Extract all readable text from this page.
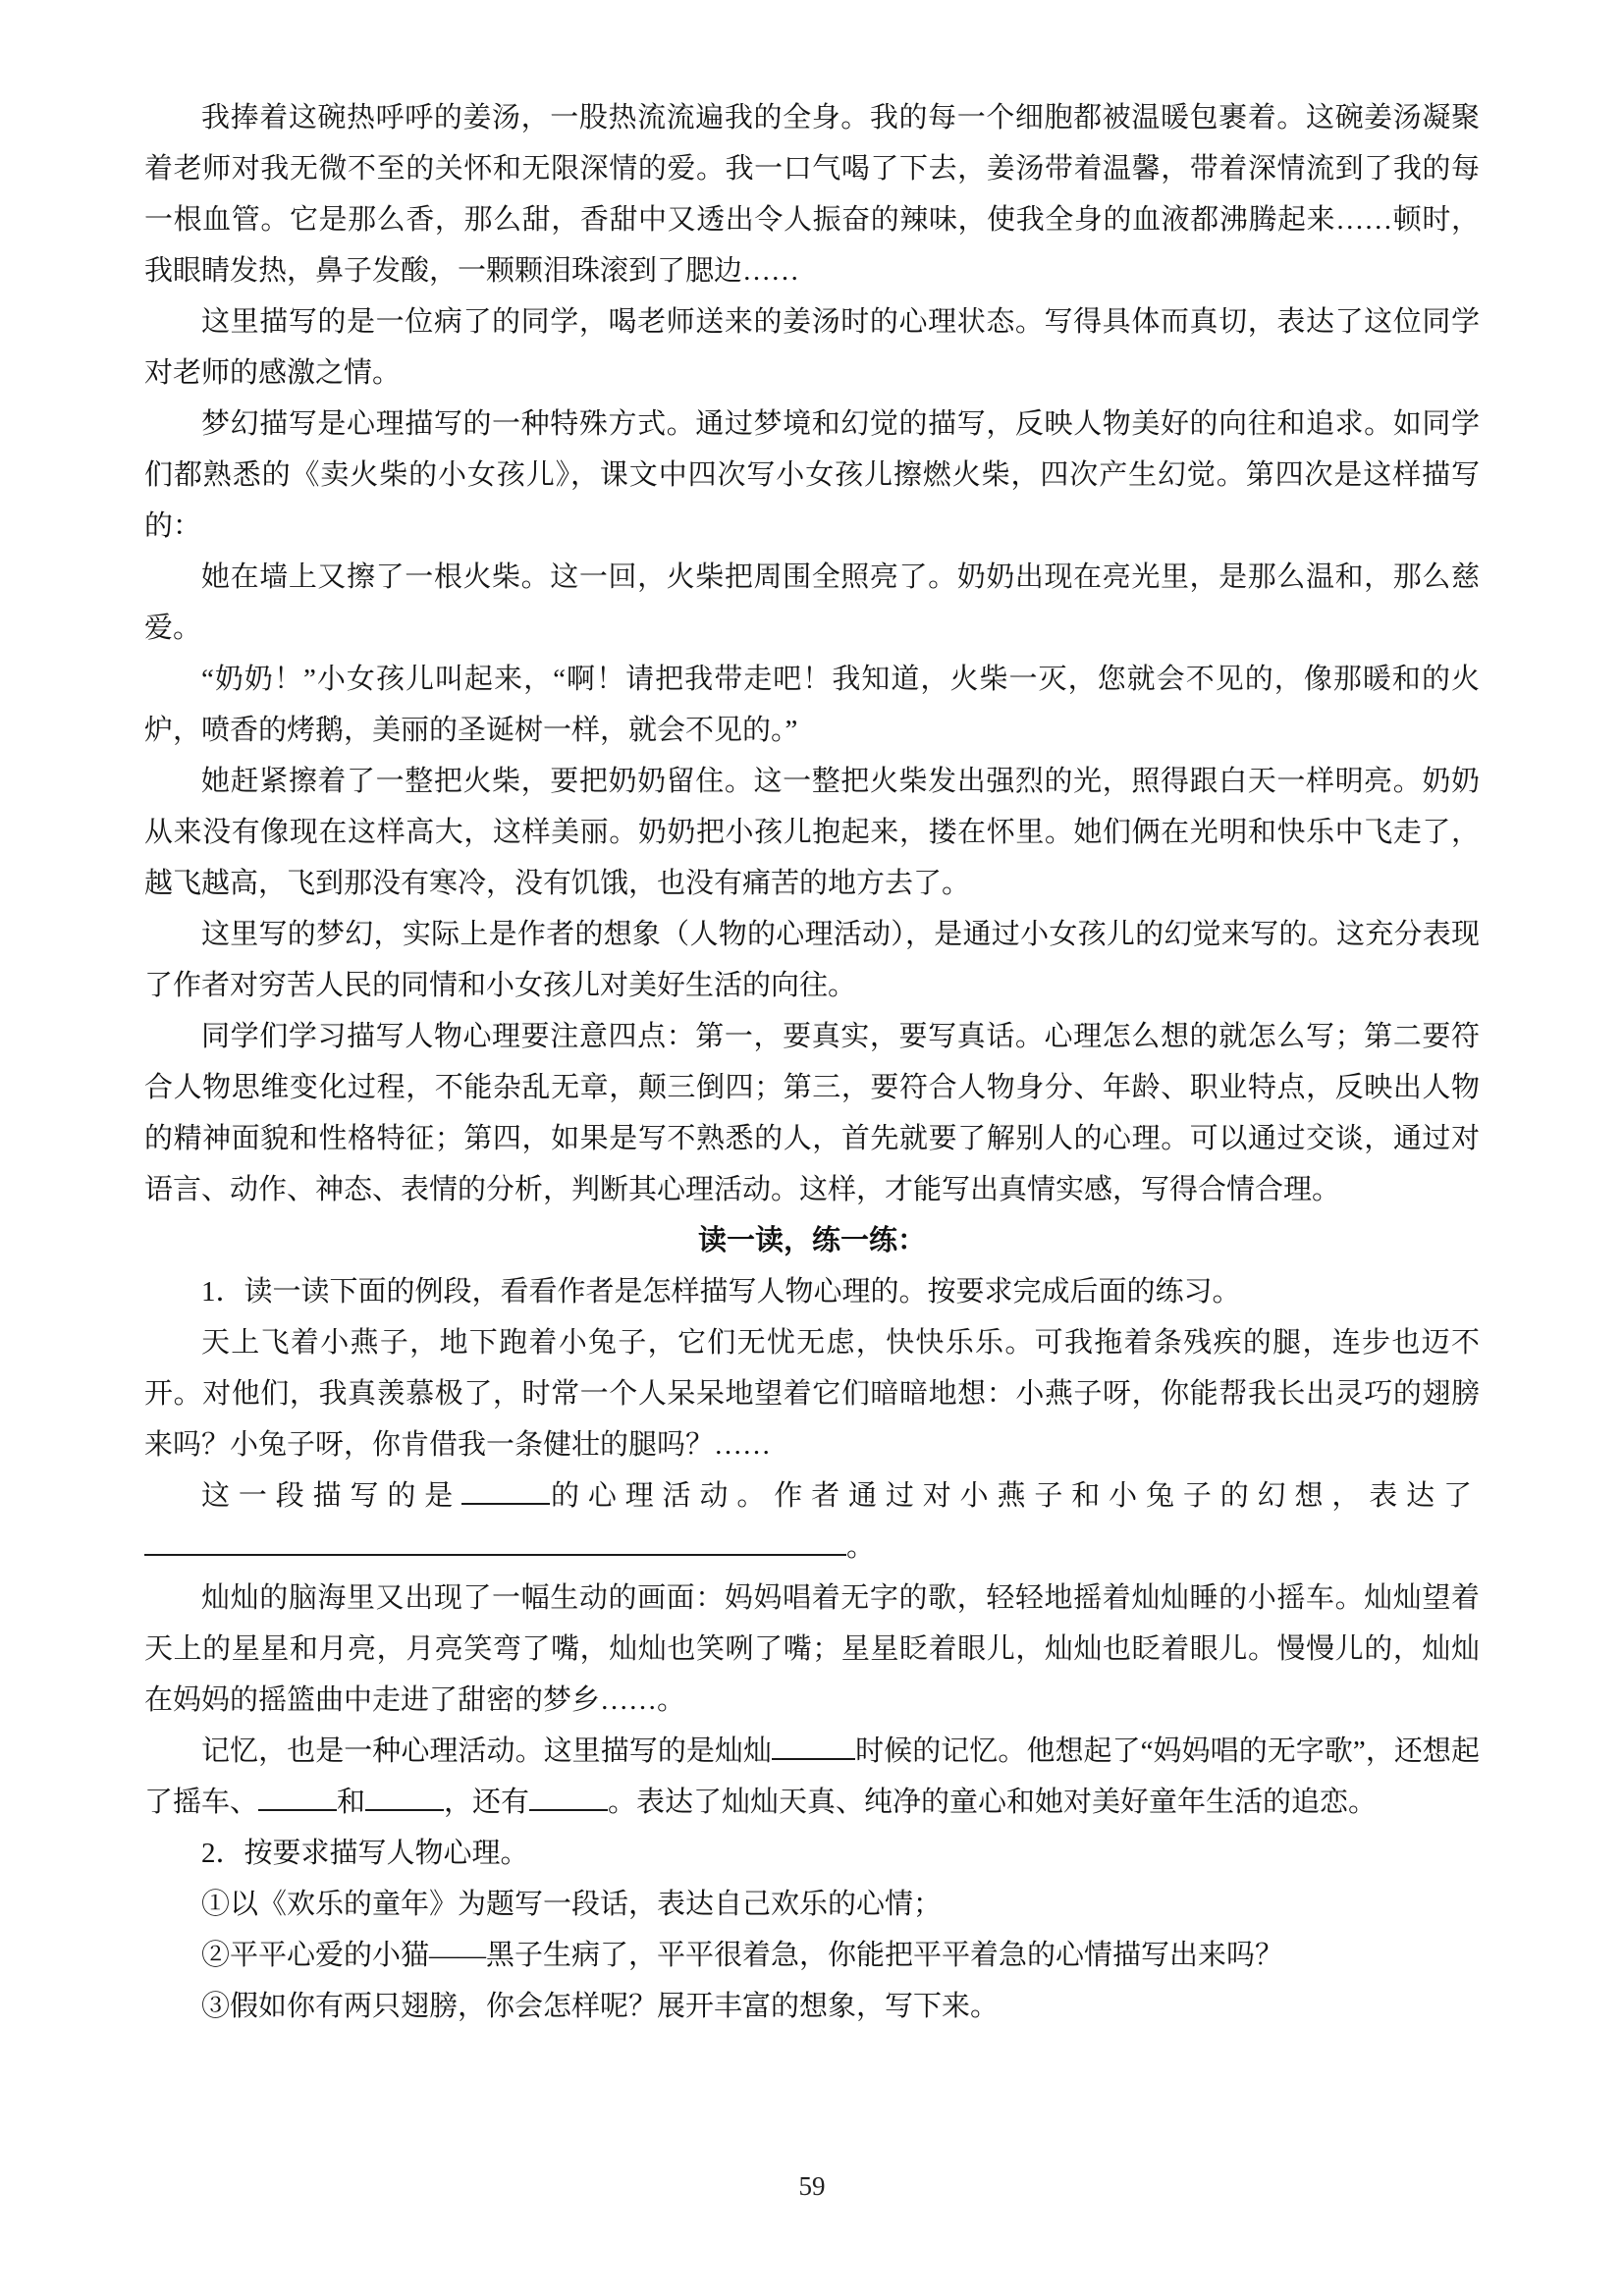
我捧着这碗热呼呼的姜汤，一股热流流遍我的全身。我的每一个细胞都被温暖包裹着。这碗姜汤凝聚着老师对我无微不至的关怀和无限深情的爱。我一口气喝了下去，姜汤带着温馨，带着深情流到了我的每一根血管。它是那么香，那么甜，香甜中又透出令人振奋的辣味，使我全身的血液都沸腾起来……顿时，我眼睛发热，鼻子发酸，一颗颗泪珠滚到了腮边……

这里描写的是一位病了的同学，喝老师送来的姜汤时的心理状态。写得具体而真切，表达了这位同学对老师的感激之情。

梦幻描写是心理描写的一种特殊方式。通过梦境和幻觉的描写，反映人物美好的向往和追求。如同学们都熟悉的《卖火柴的小女孩儿》，课文中四次写小女孩儿擦燃火柴，四次产生幻觉。第四次是这样描写的：

她在墙上又擦了一根火柴。这一回，火柴把周围全照亮了。奶奶出现在亮光里，是那么温和，那么慈爱。

“奶奶！”小女孩儿叫起来，“啊！请把我带走吧！我知道，火柴一灭，您就会不见的，像那暖和的火炉，喷香的烤鹅，美丽的圣诞树一样，就会不见的。”

她赶紧擦着了一整把火柴，要把奶奶留住。这一整把火柴发出强烈的光，照得跟白天一样明亮。奶奶从来没有像现在这样高大，这样美丽。奶奶把小孩儿抱起来，搂在怀里。她们俩在光明和快乐中飞走了，越飞越高，飞到那没有寒冷，没有饥饿，也没有痛苦的地方去了。

这里写的梦幻，实际上是作者的想象（人物的心理活动），是通过小女孩儿的幻觉来写的。这充分表现了作者对穷苦人民的同情和小女孩儿对美好生活的向往。

同学们学习描写人物心理要注意四点：第一，要真实，要写真话。心理怎么想的就怎么写；第二要符合人物思维变化过程，不能杂乱无章，颠三倒四；第三，要符合人物身分、年龄、职业特点，反映出人物的精神面貌和性格特征；第四，如果是写不熟悉的人，首先就要了解别人的心理。可以通过交谈，通过对语言、动作、神态、表情的分析，判断其心理活动。这样，才能写出真情实感，写得合情合理。

读一读，练一练：

1．读一读下面的例段，看看作者是怎样描写人物心理的。按要求完成后面的练习。

天上飞着小燕子，地下跑着小兔子，它们无忧无虑，快快乐乐。可我拖着条残疾的腿，连步也迈不开。对他们，我真羡慕极了，时常一个人呆呆地望着它们暗暗地想：小燕子呀，你能帮我长出灵巧的翅膀来吗？小兔子呀，你肯借我一条健壮的腿吗？……

这一段描写的是	的心理活动。作者通过对小燕子和小兔子的幻想，表达了。

灿灿的脑海里又出现了一幅生动的画面：妈妈唱着无字的歌，轻轻地摇着灿灿睡的小摇车。灿灿望着天上的星星和月亮，月亮笑弯了嘴，灿灿也笑咧了嘴；星星眨着眼儿，灿灿也眨着眼儿。慢慢儿的，灿灿在妈妈的摇篮曲中走进了甜密的梦乡……。

记忆，也是一种心理活动。这里描写的是灿灿	时候的记忆。他想起了“妈妈唱的无字歌”，还想起了摇车、	和	，还有	。表达了灿灿天真、纯净的童心和她对美好童年生活的追恋。

2．按要求描写人物心理。

①以《欢乐的童年》为题写一段话，表达自己欢乐的心情；

②平平心爱的小猫——黑子生病了，平平很着急，你能把平平着急的心情描写出来吗？

③假如你有两只翅膀，你会怎样呢？展开丰富的想象，写下来。

59
